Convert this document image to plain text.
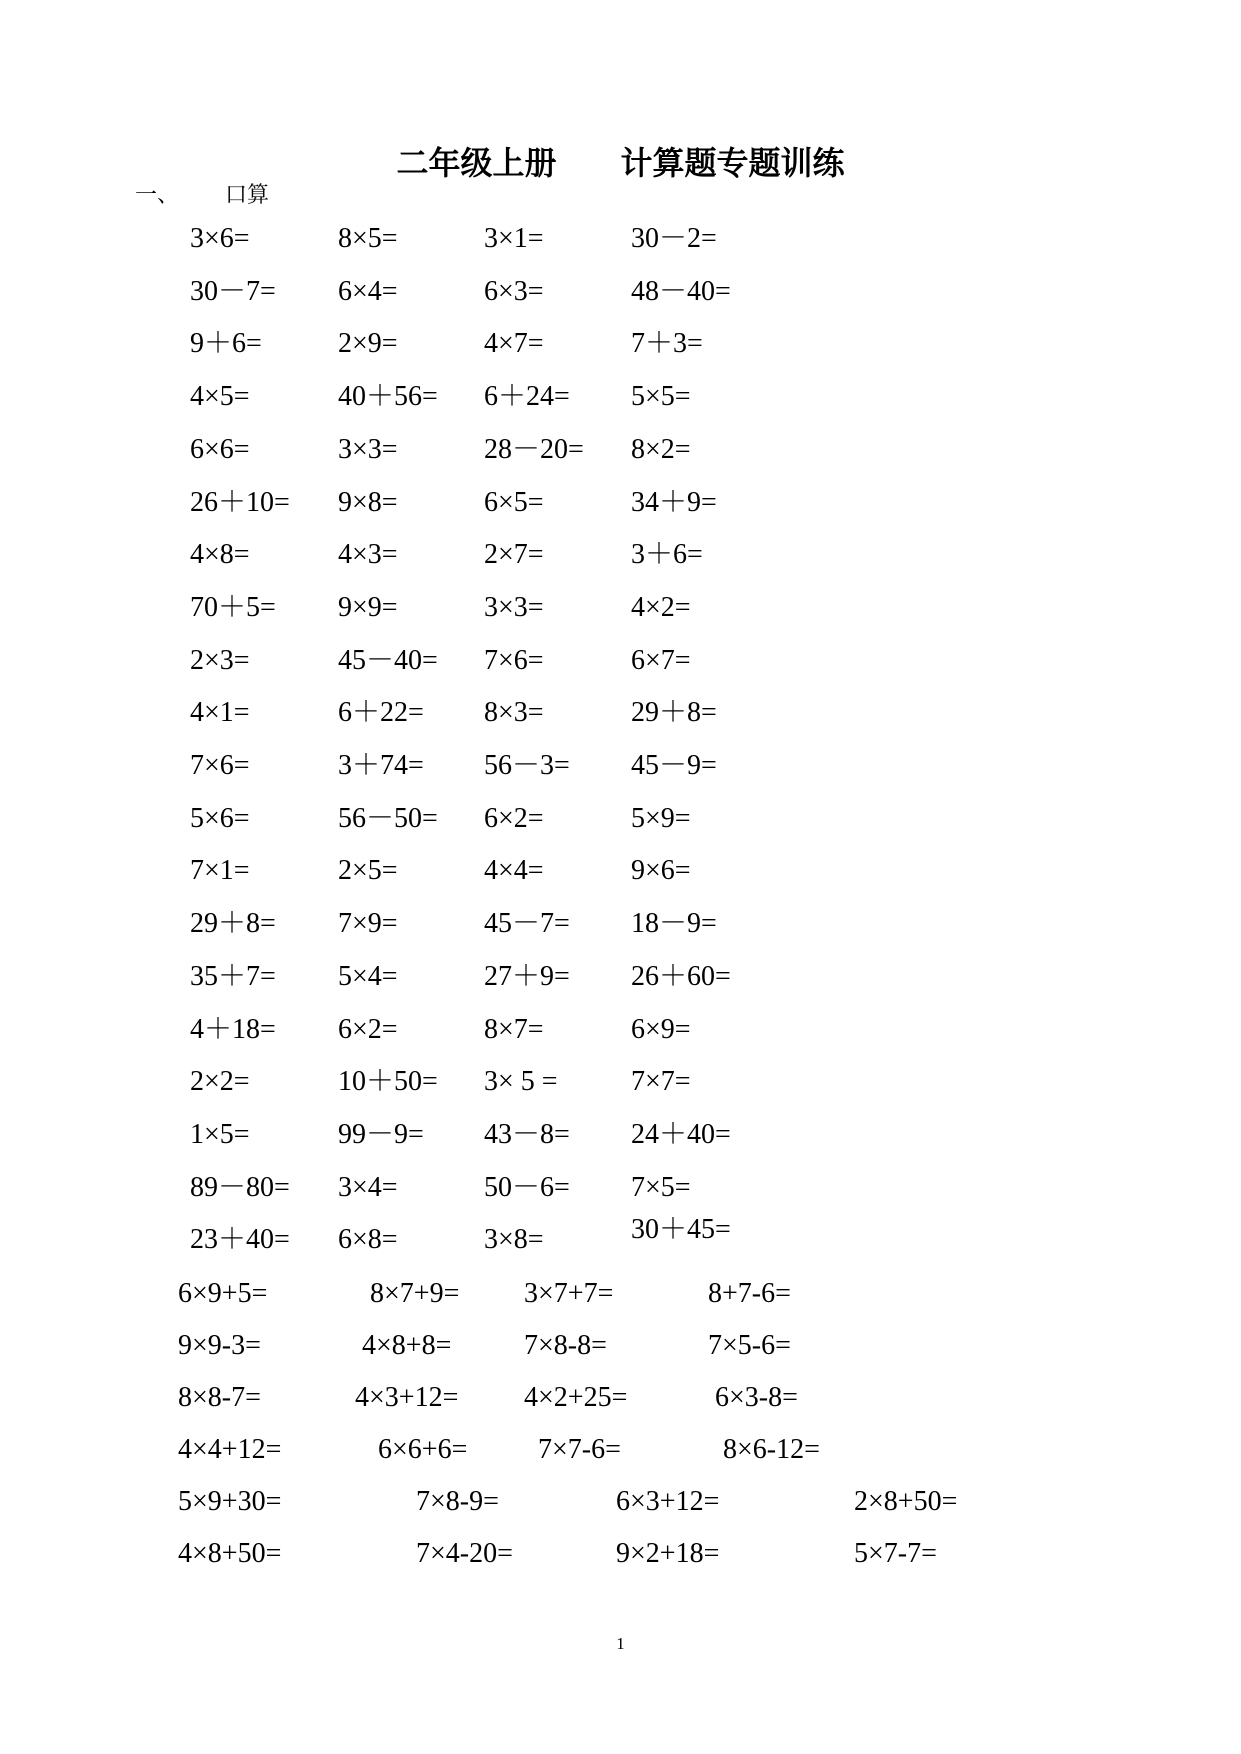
二年级上册　　计算题专题训练
一、 口算
3×6=	8×5=	3×1=	30－2=
30－7= 6×4=	6×3=	48－40=
9＋6=	2×9=	4×7=	7＋3=
4×5=	40＋56= 6＋24= 5×5=
6×6=	3×3=	28－20= 8×2=
26＋10= 9×8=	6×5=	34＋9=
4×8=	4×3=	2×7=	3＋6=
70＋5= 9×9=	3×3=	4×2=
2×3=	45－40= 7×6=	6×7=
4×1=	6＋22= 8×3=	29＋8=
7×6=	3＋74= 56－3= 45－9=
5×6=	56－50= 6×2=	5×9=
7×1=	2×5=	4×4=	9×6=
29＋8= 7×9=	45－7= 18－9=
35＋7= 5×4=	27＋9= 26＋60=
4＋18= 6×2=	8×7=	6×9=
2×2=	10＋50= 3× 5 =	7×7=
1×5=	99－9= 43－8= 24＋40=
89－80= 3×4=	50－6= 7×5=
23＋40= 6×8=	3×8=	30＋45=
6×9+5=	8×7+9= 3×7+7=	8+7-6=
9×9-3=	4×8+8=	7×8-8=	7×5-6=
8×8-7=	4×3+12= 4×2+25=	6×3-8=
4×4+12=	6×6+6=	7×7-6=	8×6-12=
5×9+30=	7×8-9=	6×3+12=	2×8+50=
4×8+50=	7×4-20=	9×2+18=	5×7-7=
1
